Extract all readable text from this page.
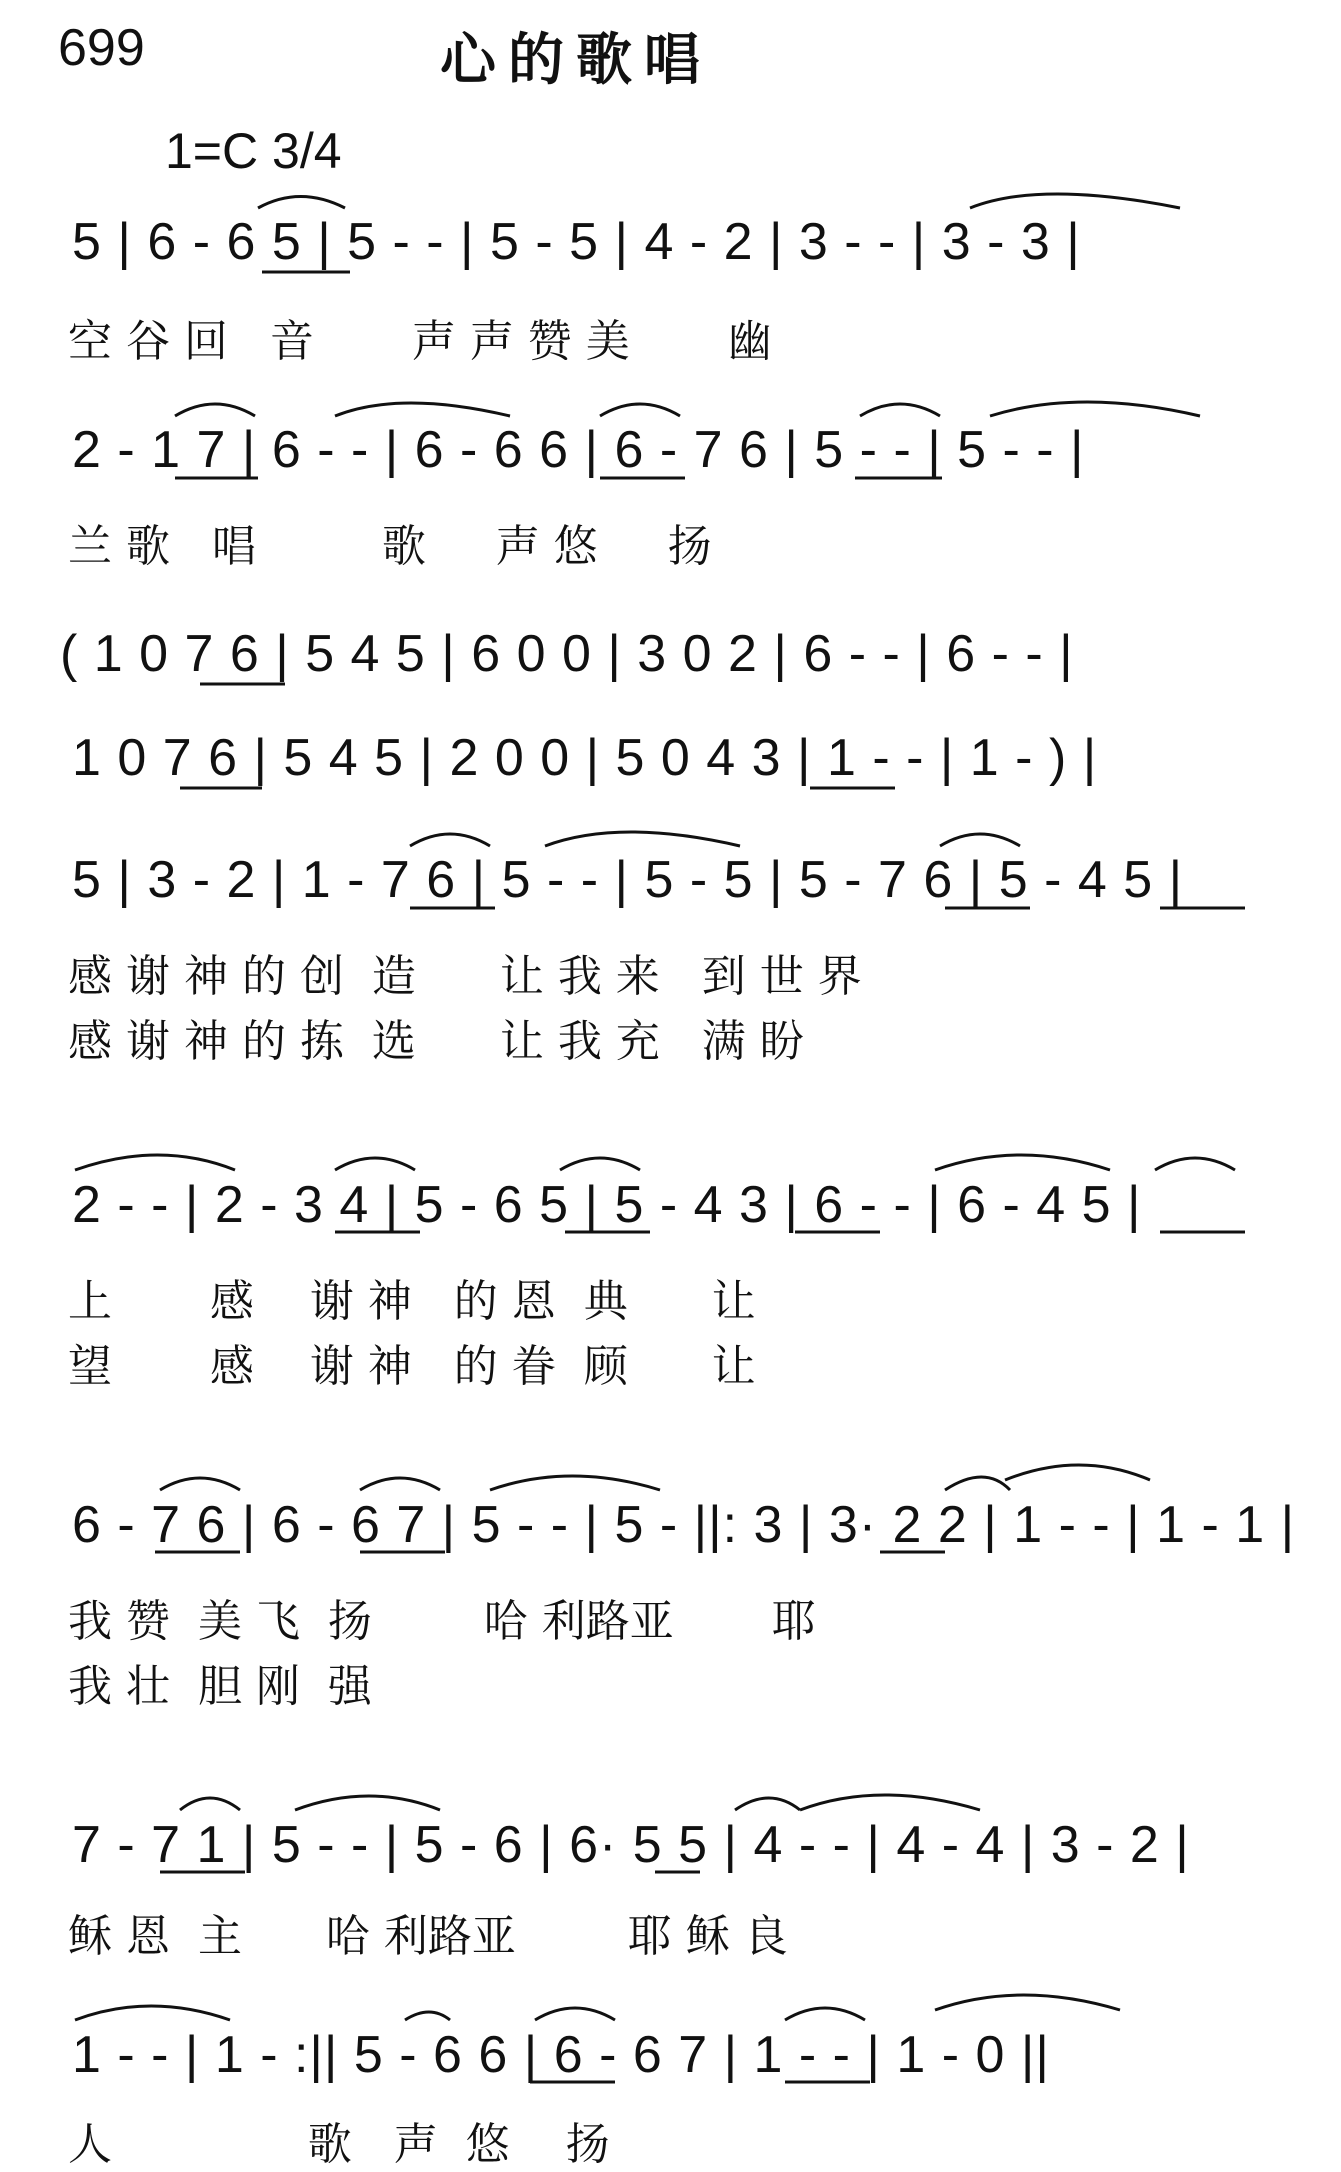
699	心的歌唱
1=C 3/4
5 | 6 - 6 5 | 5 - - | 5 - 5 | 4 - 2 | 3 - - | 3 - 3 |
空 谷 回   音       声 声 赞 美       幽
2 - 1 7 | 6 - - | 6 - 6 6 | 6 - 7 6 | 5 - - | 5 - - |
兰 歌   唱         歌     声 悠     扬
( 1 0 7 6 | 5 4 5 | 6 0 0 | 3 0 2 | 6 - - | 6 - - |
1 0 7 6 | 5 4 5 | 2 0 0 | 5 0 4 3 | 1 - - | 1 - ) |
5 | 3 - 2 | 1 - 7 6 | 5 - - | 5 - 5 | 5 - 7 6 | 5 - 4 5 |
感 谢 神 的 创  造      让 我 来   到 世 界
感 谢 神 的 拣  选      让 我 充   满 盼
2 - - | 2 - 3 4 | 5 - 6 5 | 5 - 4 3 | 6 - - | 6 - 4 5 |
上       感    谢 神   的 恩  典      让
望       感    谢 神   的 眷  顾      让
6 - 7 6 | 6 - 6 7 | 5 - - | 5 - ||: 3 | 3· 2 2 | 1 - - | 1 - 1 |
我 赞  美 飞  扬        哈 利路亚       耶
我 壮  胆 刚  强
7 - 7 1 | 5 - - | 5 - 6 | 6· 5 5 | 4 - - | 4 - 4 | 3 - 2 |
稣 恩  主      哈 利路亚        耶 稣 良
1 - - | 1 - :|| 5 - 6 6 | 6 - 6 7 | 1 - - | 1 - 0 ||
人              歌   声  悠    扬
